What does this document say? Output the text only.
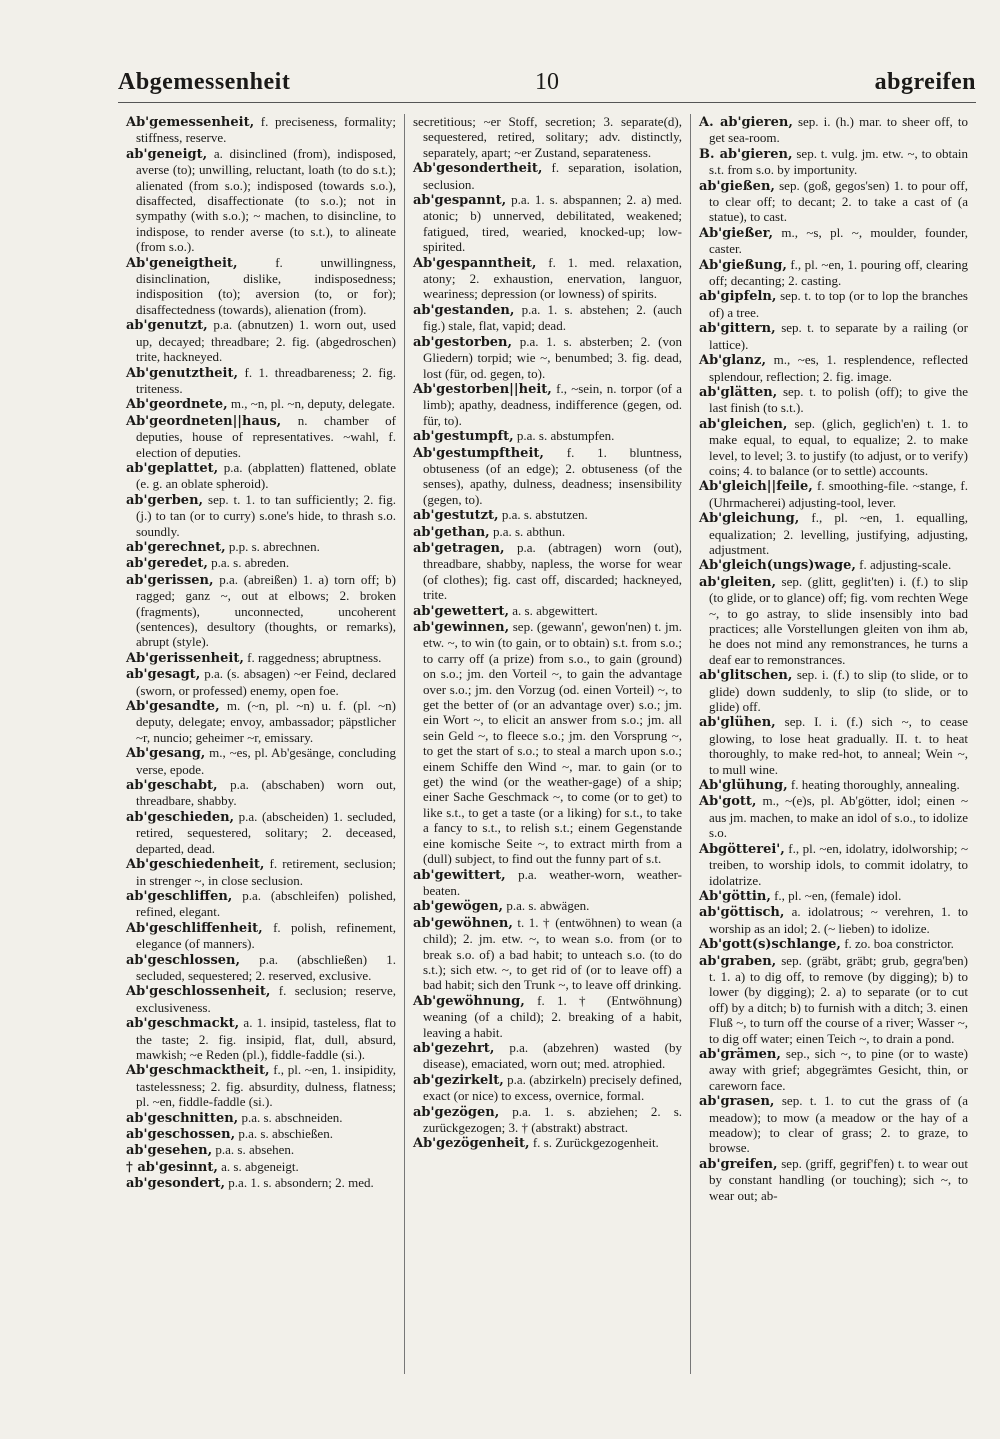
Abgemessenheit	10	abgreifen

Ab'gemessenheit, f. preciseness, formality; stiffness, reserve.

ab'geneigt, a. disinclined (from), indisposed, averse (to); unwilling, reluctant, loath (to do s.t.); alienated (from s.o.); indisposed (towards s.o.), disaffected, disaffectionate (to s.o.); not in sympathy (with s.o.); ~ machen, to disincline, to indispose, to render averse (to s.t.), to alineate (from s.o.).

Ab'geneigtheit,	f. unwillingness, disinclination, dislike, indisposedness; indisposition (to); aversion (to, or for); disaffectedness (towards), alienation (from).

ab'genutzt, p.a. (abnutzen) 1. worn out, used up, decayed; threadbare; 2. fig. (abgedroschen) trite, hackneyed.

Ab'genutztheit, f. 1. threadbareness; 2. fig. triteness.

Ab'geordnete, m., ~n, pl. ~n, deputy, delegate.

Ab'geordneten||haus, n. chamber of deputies, house of representatives. ~wahl, f. election of deputies.

ab'geplattet, p.a. (abplatten) flattened, oblate (e. g. an oblate spheroid).

ab'gerben, sep. t. 1. to tan sufficiently; 2. fig. (j.) to tan (or to curry) s.one's hide, to thrash s.o. soundly.

ab'gerechnet, p.p. s. abrechnen.

ab'geredet, p.a. s. abreden.

ab'gerissen, p.a. (abreißen) 1. a) torn off; b) ragged; ganz ~, out at elbows; 2. broken (fragments), unconnected, uncoherent (sentences), desultory (thoughts, or remarks), abrupt (style).

Ab'gerissenheit, f. raggedness; abruptness.

ab'gesagt, p.a. (s. absagen) ~er Feind, declared (sworn, or professed) enemy, open foe.

Ab'gesandte, m. (~n, pl. ~n) u. f. (pl. ~n) deputy, delegate; envoy, ambassador; päpstlicher ~r, nuncio; geheimer ~r, emissary.

Ab'gesang, m., ~es, pl. Ab'gesänge, concluding verse, epode.

ab'geschabt, p.a. (abschaben) worn out, threadbare, shabby.

ab'geschieden, p.a. (abscheiden) 1. secluded, retired, sequestered, solitary; 2. deceased, departed, dead.

Ab'geschiedenheit, f. retirement, seclusion; in strenger ~, in close seclusion.

ab'geschliffen, p.a. (abschleifen) polished, refined, elegant.

Ab'geschliffenheit, f. polish, refinement, elegance (of manners).

ab'geschlossen, p.a. (abschließen) 1. secluded, sequestered; 2. reserved, exclusive.

Ab'geschlossenheit, f. seclusion; reserve, exclusiveness.

ab'geschmackt, a. 1. insipid, tasteless, flat to the taste; 2. fig. insipid, flat, dull, absurd, mawkish; ~e Reden (pl.), fiddle-faddle (si.).

Ab'geschmacktheit, f., pl. ~en, 1. insipidity, tastelessness; 2. fig. absurdity, dulness, flatness; pl. ~en, fiddle-faddle (si.).

ab'geschnitten, p.a. s. abschneiden.

ab'geschossen, p.a. s. abschießen.

ab'gesehen, p.a. s. absehen.

† ab'gesinnt, a. s. abgeneigt.

ab'gesondert, p.a. 1. s. absondern; 2. med.

secretitious; ~er Stoff, secretion; 3. separate(d), sequestered, retired, solitary; adv. distinctly, separately, apart; ~er Zustand, separateness.

Ab'gesondertheit, f. separation, isolation, seclusion.

ab'gespannt, p.a. 1. s. abspannen; 2. a) med. atonic; b) unnerved, debilitated, weakened; fatigued, tired, wearied, knocked-up; low-spirited.

Ab'gespanntheit, f. 1. med. relaxation, atony; 2. exhaustion, enervation, languor, weariness; depression (or lowness) of spirits.

ab'gestanden, p.a. 1. s. abstehen; 2. (auch fig.) stale, flat, vapid; dead.

ab'gestorben, p.a. 1. s. absterben; 2. (von Gliedern) torpid; wie ~, benumbed; 3. fig. dead, lost (für, od. gegen, to).

Ab'gestorben||heit, f., ~sein, n. torpor (of a limb); apathy, deadness, indifference (gegen, od. für, to).

ab'gestumpft, p.a. s. abstumpfen.

Ab'gestumpftheit, f. 1. bluntness, obtuseness (of an edge); 2. obtuseness (of the senses), apathy, dulness, deadness; insensibility (gegen, to).

ab'gestutzt, p.a. s. abstutzen.

ab'gethan, p.a. s. abthun.

ab'getragen, p.a. (abtragen) worn (out), threadbare, shabby, napless, the worse for wear (of clothes); fig. cast off, discarded; hackneyed, trite.

ab'gewettert, a. s. abgewittert.

ab'gewinnen, sep. (gewann', gewon'nen) t. jm. etw. ~, to win (to gain, or to obtain) s.t. from s.o.; to carry off (a prize) from s.o., to gain (ground) on s.o.; jm. den Vorteil ~, to gain the advantage over s.o.; jm. den Vorzug (od. einen Vorteil) ~, to get the better of (or an advantage over) s.o.; jm. ein Wort ~, to elicit an answer from s.o.; jm. all sein Geld ~, to fleece s.o.; jm. den Vorsprung ~, to get the start of s.o.; to steal a march upon s.o.; einem Schiffe den Wind ~, mar. to gain (or to get) the wind (or the weather-gage) of a ship; einer Sache Geschmack ~, to come (or to get) to like s.t., to get a taste (or a liking) for s.t., to take a fancy to s.t., to relish s.t.; einem Gegenstande eine komische Seite ~, to extract mirth from a (dull) subject, to find out the funny part of s.t.

ab'gewittert, p.a. weather-worn, weather-beaten.

ab'gewögen, p.a. s. abwägen.

ab'gewöhnen, t. 1. † (entwöhnen) to wean (a child); 2. jm. etw. ~, to wean s.o. from (or to break s.o. of) a bad habit; to unteach s.o. (to do s.t.); sich etw. ~, to get rid of (or to leave off) a bad habit; sich den Trunk ~, to leave off drinking.

Ab'gewöhnung, f. 1. † (Entwöhnung) weaning (of a child); 2. breaking of a habit, leaving a habit.

ab'gezehrt, p.a. (abzehren) wasted (by disease), emaciated, worn out; med. atrophied.

ab'gezirkelt, p.a. (abzirkeln) precisely defined, exact (or nice) to excess, overnice, formal.

ab'gezögen, p.a. 1. s. abziehen; 2. s. zurückgezogen; 3. † (abstrakt) abstract.

Ab'gezögenheit, f. s. Zurückgezogenheit.

A. ab'gieren, sep. i. (h.) mar. to sheer off, to get sea-room.

B. ab'gieren, sep. t. vulg. jm. etw. ~, to obtain s.t. from s.o. by importunity.

ab'gießen, sep. (goß, gegos'sen) 1. to pour off, to clear off; to decant; 2. to take a cast of (a statue), to cast.

Ab'gießer, m., ~s, pl. ~, moulder, founder, caster.

Ab'gießung, f., pl. ~en, 1. pouring off, clearing off; decanting; 2. casting.

ab'gipfeln, sep. t. to top (or to lop the branches of) a tree.

ab'gittern, sep. t. to separate by a railing (or lattice).

Ab'glanz, m., ~es, 1. resplendence, reflected splendour, reflection; 2. fig. image.

ab'glätten, sep. t. to polish (off); to give the last finish (to s.t.).

ab'gleichen, sep. (glich, geglich'en) t. 1. to make equal, to equal, to equalize; 2. to make level, to level; 3. to justify (to adjust, or to verify) coins; 4. to balance (or to settle) accounts.

Ab'gleich||feile, f. smoothing-file. ~stange, f. (Uhrmacherei) adjusting-tool, lever.

Ab'gleichung, f., pl. ~en, 1. equalling, equalization; 2. levelling, justifying, adjusting, adjustment.

Ab'gleich(ungs)wage, f. adjusting-scale.

ab'gleiten, sep. (glitt, geglit'ten) i. (f.) to slip (to glide, or to glance) off; fig. vom rechten Wege ~, to go astray, to slide insensibly into bad practices; alle Vorstellungen gleiten von ihm ab, he does not mind any remonstrances, he turns a deaf ear to remonstrances.

ab'glitschen, sep. i. (f.) to slip (to slide, or to glide) down suddenly, to slip (to slide, or to glide) off.

ab'glühen, sep. I. i. (f.) sich ~, to cease glowing, to lose heat gradually. II. t. to heat thoroughly, to make red-hot, to anneal; Wein ~, to mull wine.

Ab'glühung, f. heating thoroughly, annealing.

Ab'gott, m., ~(e)s, pl. Ab'götter, idol; einen ~ aus jm. machen, to make an idol of s.o., to idolize s.o.

Abgötterei', f., pl. ~en, idolatry, idolworship; ~ treiben, to worship idols, to commit idolatry, to idolatrize.

Ab'göttin, f., pl. ~en, (female) idol.

ab'göttisch, a. idolatrous; ~ verehren, 1. to worship as an idol; 2. (~ lieben) to idolize.

Ab'gott(s)schlange, f. zo. boa constrictor.

ab'graben, sep. (gräbt, gräbt; grub, gegra'ben) t. 1. a) to dig off, to remove (by digging); b) to lower (by digging); 2. a) to separate (or to cut off) by a ditch; b) to furnish with a ditch; 3. einen Fluß ~, to turn off the course of a river; Wasser ~, to dig off water; einen Teich ~, to drain a pond.

ab'grämen, sep., sich ~, to pine (or to waste) away with grief; abgegrämtes Gesicht, thin, or careworn face.

ab'grasen, sep. t. 1. to cut the grass of (a meadow); to mow (a meadow or the hay of a meadow); to clear of grass; 2. to graze, to browse.

ab'greifen, sep. (griff, gegrif'fen) t. to wear out by constant handling (or touching); sich ~, to wear out; ab-
